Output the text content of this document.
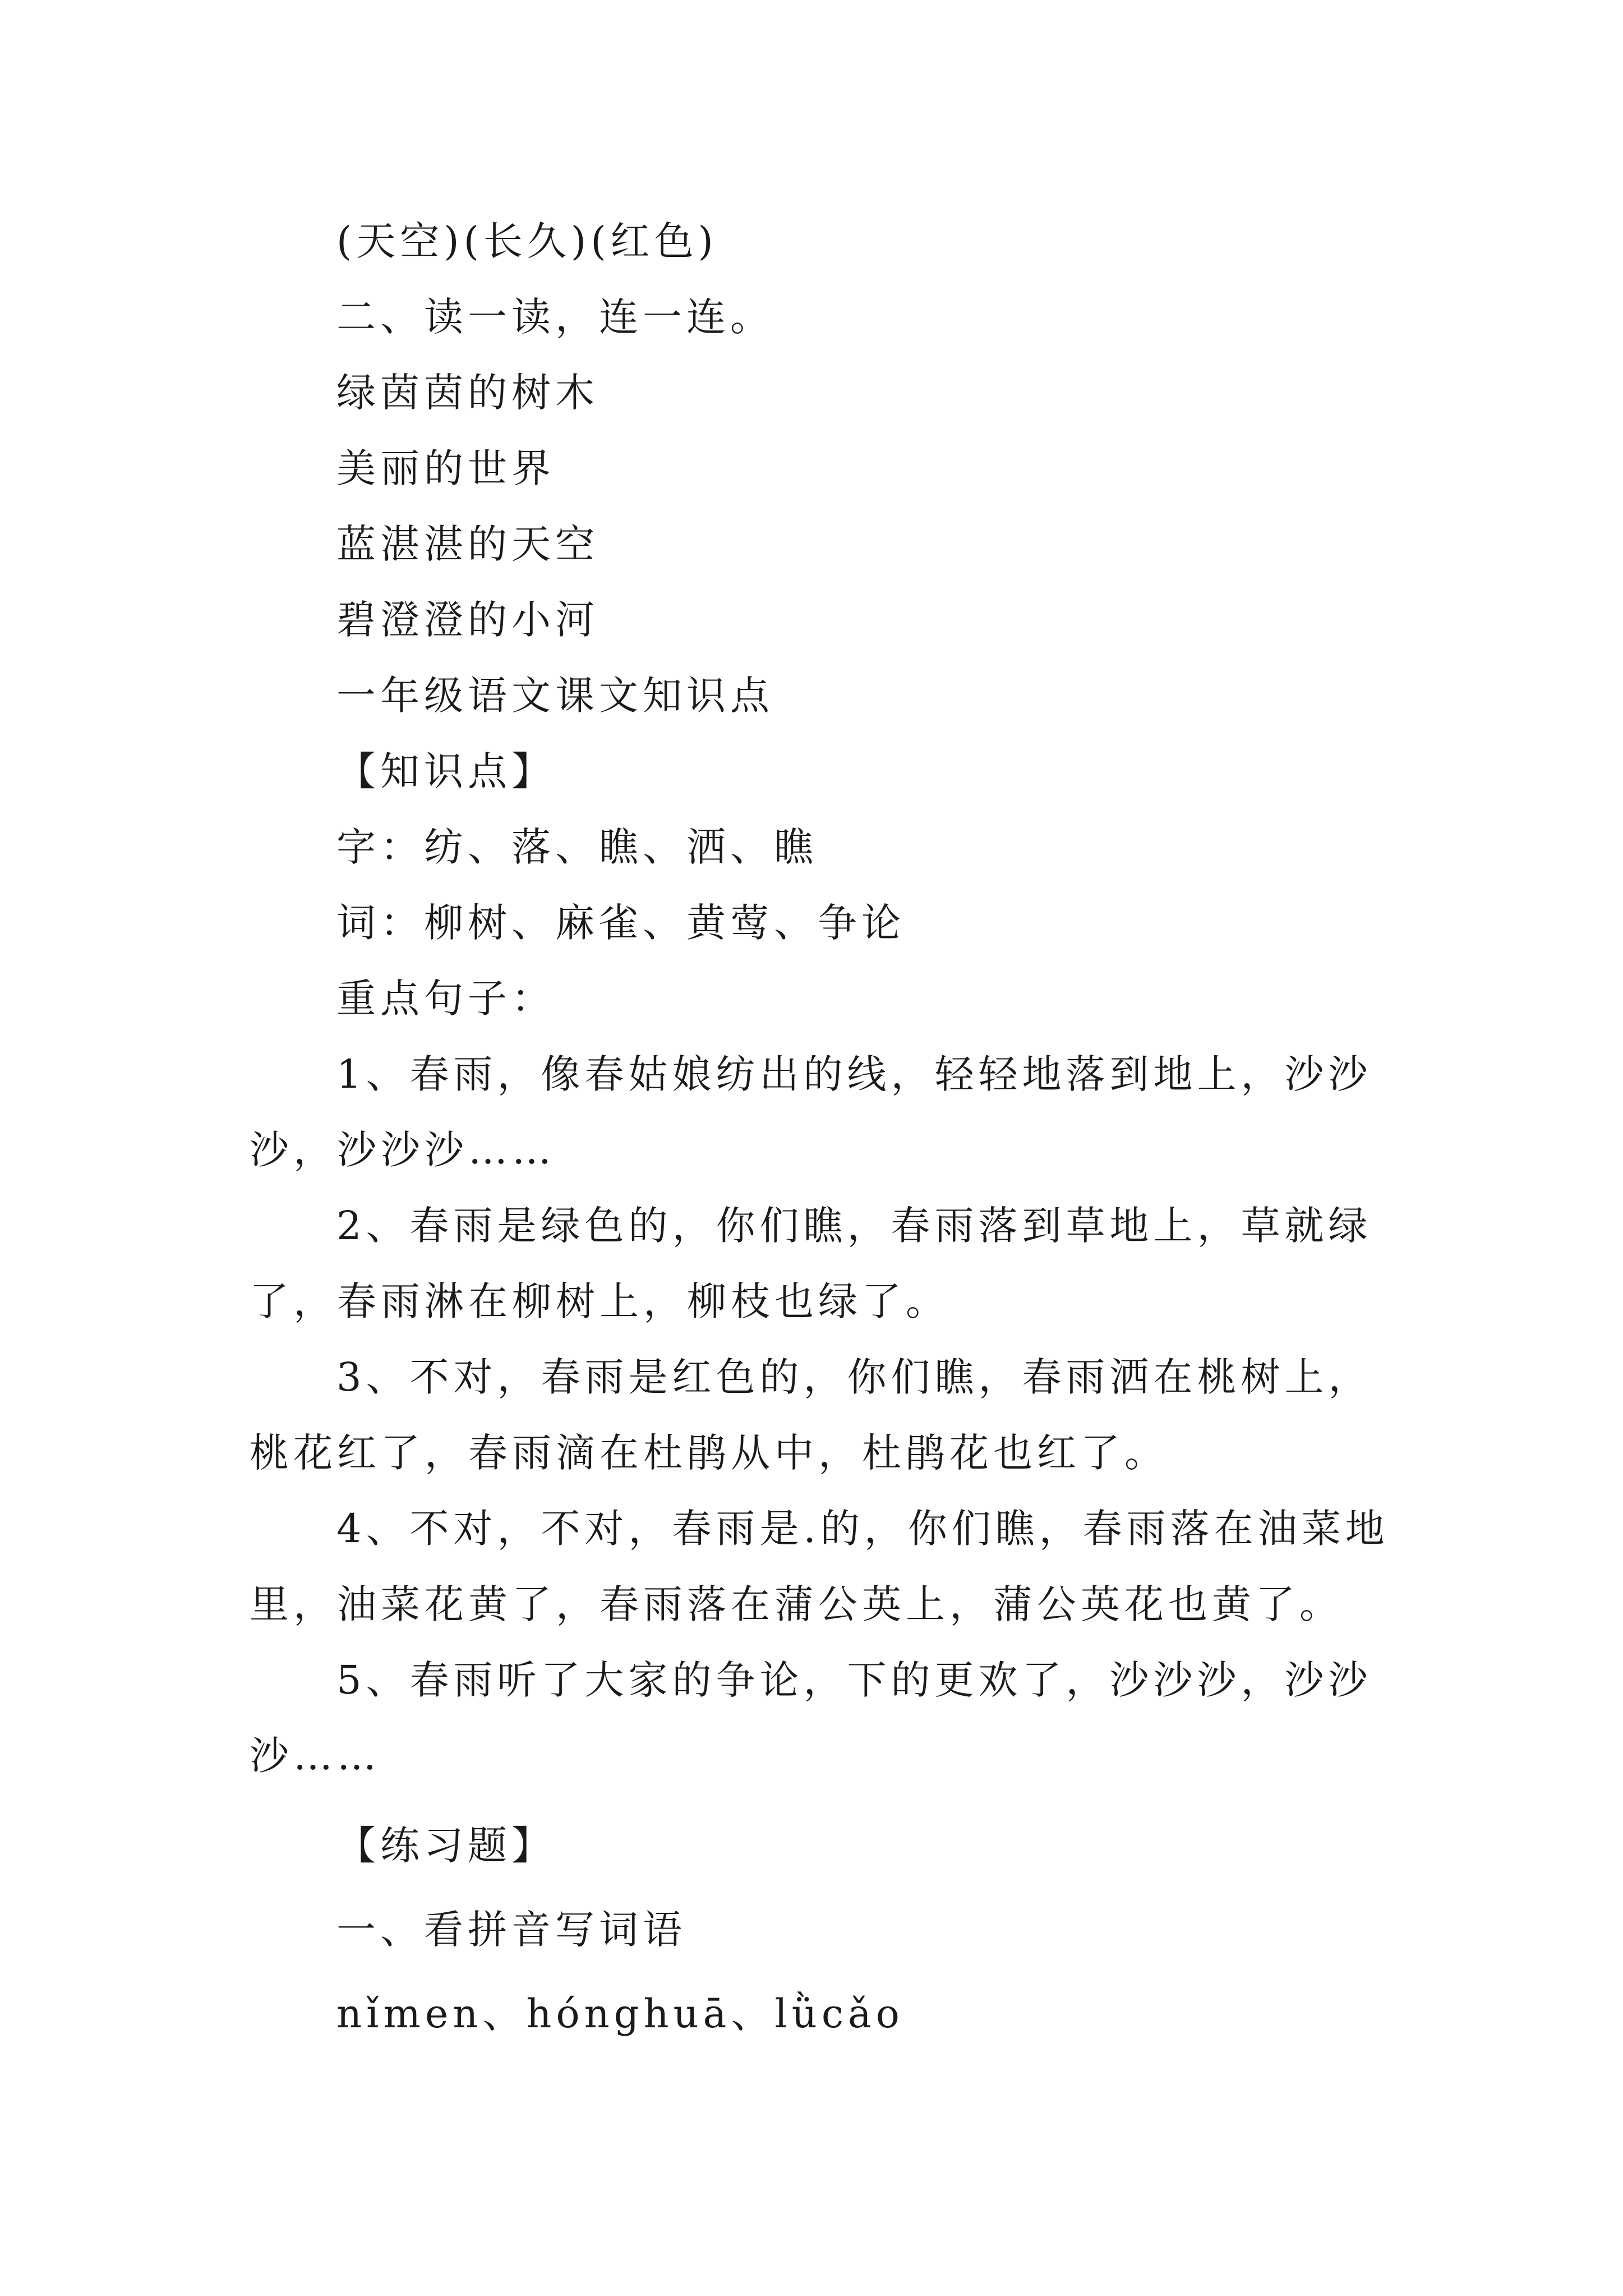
(天空)(长久)(红色)
二、读一读，连一连。
绿茵茵的树木
美丽的世界
蓝湛湛的天空
碧澄澄的小河
一年级语文课文知识点
【知识点】
字：纺、落、瞧、洒、瞧
词：柳树、麻雀、黄莺、争论
重点句子：
1、春雨，像春姑娘纺出的线，轻轻地落到地上，沙沙
沙，沙沙沙……
2、春雨是绿色的，你们瞧，春雨落到草地上，草就绿
了，春雨淋在柳树上，柳枝也绿了。
3、不对，春雨是红色的，你们瞧，春雨洒在桃树上，
桃花红了，春雨滴在杜鹃从中，杜鹃花也红了。
4、不对，不对，春雨是.的，你们瞧，春雨落在油菜地
里，油菜花黄了，春雨落在蒲公英上，蒲公英花也黄了。
5、春雨听了大家的争论，下的更欢了，沙沙沙，沙沙
沙……
【练习题】
一、看拼音写词语
nǐmen、hónghuā、lǜcǎo
